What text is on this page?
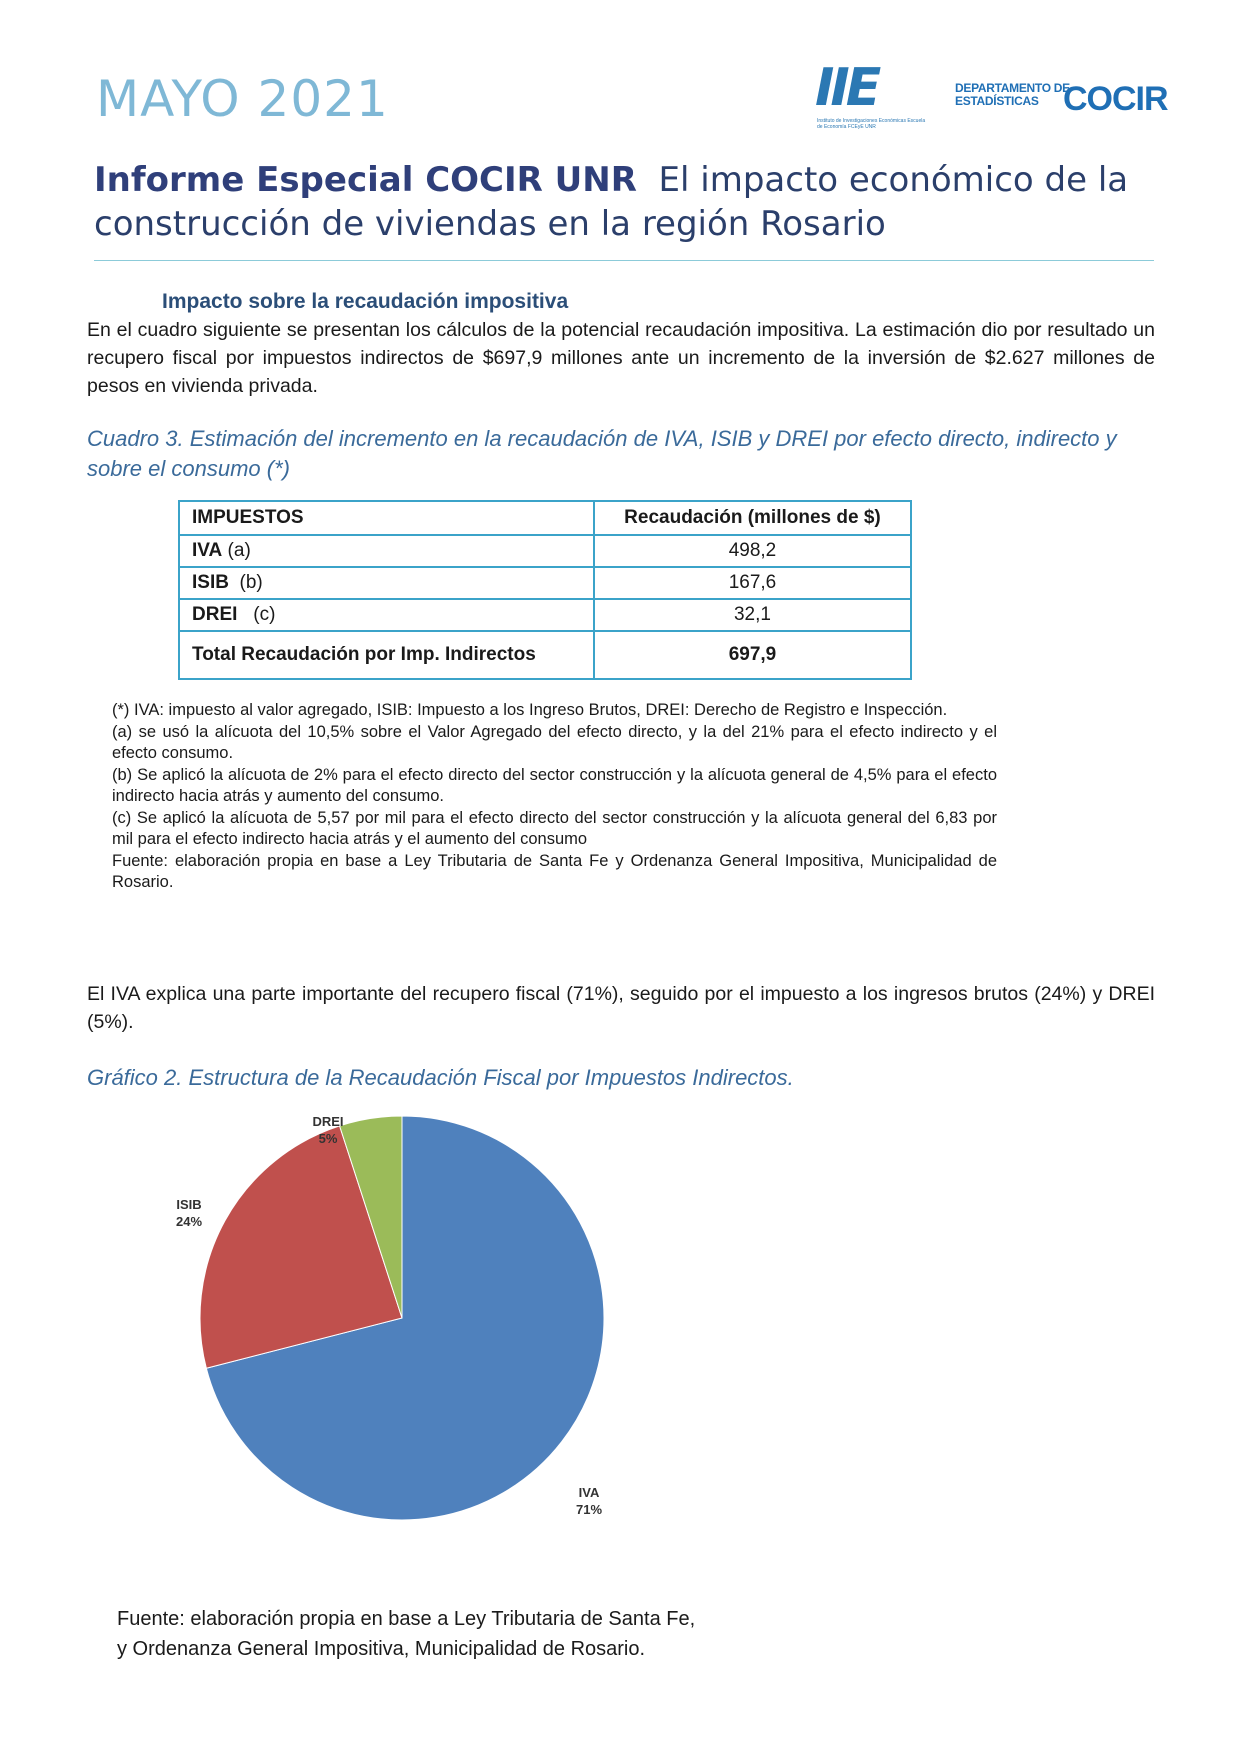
MAYO 2021	IIE
Instituto de Investigaciones Económicas Escuela de Economía FCEyE UNR
DEPARTAMENTO DE
ESTADÍSTICAS COCIR
Informe Especial COCIR UNR El impacto económico de la construcción de viviendas en la región Rosario
Impacto sobre la recaudación impositiva
En el cuadro siguiente se presentan los cálculos de la potencial recaudación impositiva. La estimación dio por resultado un recupero fiscal por impuestos indirectos de $697,9 millones ante un incremento de la inversión de $2.627 millones de pesos en vivienda privada.
Cuadro 3. Estimación del incremento en la recaudación de IVA, ISIB y DREI por efecto directo, indirecto y sobre el consumo (*)
IMPUESTOS	Recaudación (millones de $)
IVA (a)	498,2
ISIB (b)	167,6
DREI (c)	32,1
Total Recaudación por Imp. Indirectos	697,9

(*) IVA: impuesto al valor agregado, ISIB: Impuesto a los Ingreso Brutos, DREI: Derecho de Registro e Inspección.

(a) se usó la alícuota del 10,5% sobre el Valor Agregado del efecto directo, y la del 21% para el efecto indirecto y el efecto consumo.

(b) Se aplicó la alícuota de 2% para el efecto directo del sector construcción y la alícuota general de 4,5% para el efecto indirecto hacia atrás y aumento del consumo.

(c) Se aplicó la alícuota de 5,57 por mil para el efecto directo del sector construcción y la alícuota general del 6,83 por mil para el efecto indirecto hacia atrás y el aumento del consumo

Fuente: elaboración propia en base a Ley Tributaria de Santa Fe y Ordenanza General Impositiva, Municipalidad de Rosario.

El IVA explica una parte importante del recupero fiscal (71%), seguido por el impuesto a los ingresos brutos (24%) y DREI (5%).
Gráfico 2. Estructura de la Recaudación Fiscal por Impuestos Indirectos.
IVA
71%
ISIB
24%
DREI
5%
Fuente: elaboración propia en base a Ley Tributaria de Santa Fe,
y Ordenanza General Impositiva, Municipalidad de Rosario.
